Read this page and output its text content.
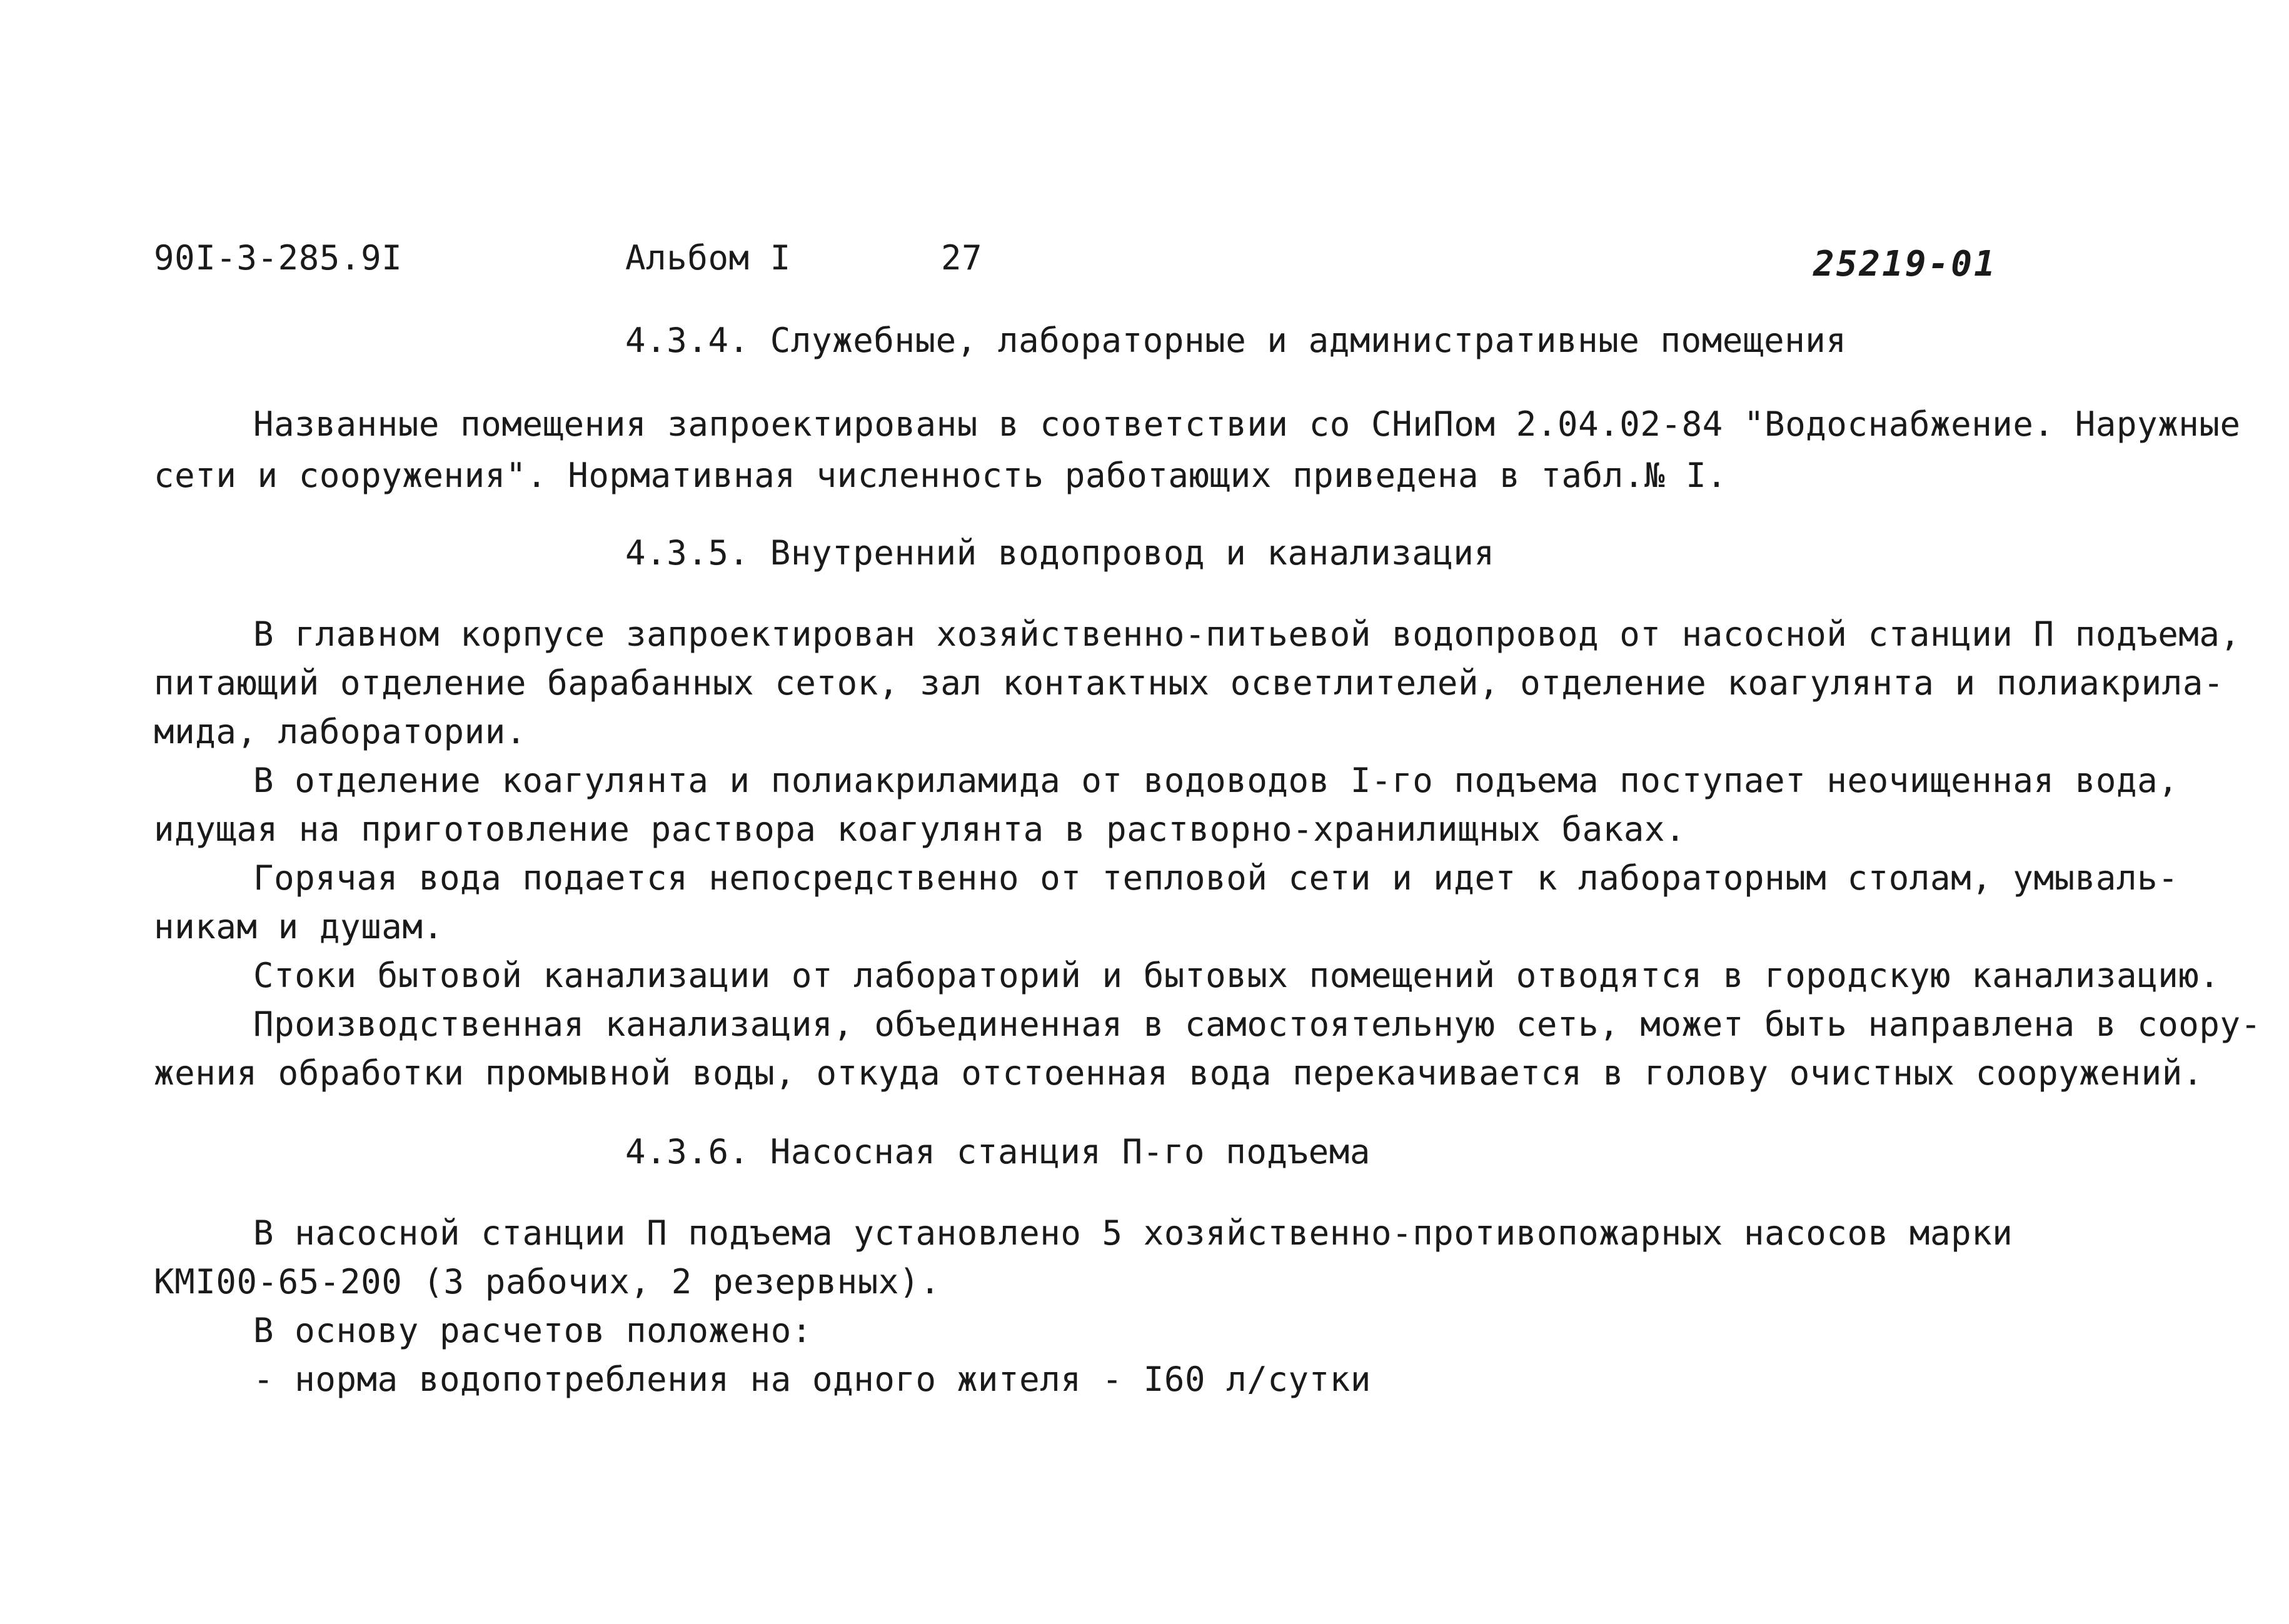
90I-3-285.9I	Альбом I	27	25219-01
4.3.4. Служебные, лабораторные и административные помещения
Названные помещения запроектированы в соответствии со СНиПом 2.04.02-84 "Водоснабжение. Наружные
сети и сооружения". Нормативная численность работающих приведена в табл.№ I.
4.3.5. Внутренний водопровод и канализация
В главном корпусе запроектирован хозяйственно-питьевой водопровод от насосной станции П подъема,
питающий отделение барабанных сеток, зал контактных осветлителей, отделение коагулянта и полиакрила-
мида, лаборатории.
В отделение коагулянта и полиакриламида от водоводов I-го подъема поступает неочищенная вода,
идущая на приготовление раствора коагулянта в растворно-хранилищных баках.
Горячая вода подается непосредственно от тепловой сети и идет к лабораторным столам, умываль-
никам и душам.
Стоки бытовой канализации от лабораторий и бытовых помещений отводятся в городскую канализацию.
Производственная канализация, объединенная в самостоятельную сеть, может быть направлена в соору-
жения обработки промывной воды, откуда отстоенная вода перекачивается в голову очистных сооружений.
4.3.6. Насосная станция П-го подъема
В насосной станции П подъема установлено 5 хозяйственно-противопожарных насосов марки
КМI00-65-200 (3 рабочих, 2 резервных).
В основу расчетов положено:
- норма водопотребления на одного жителя - I60 л/сутки
